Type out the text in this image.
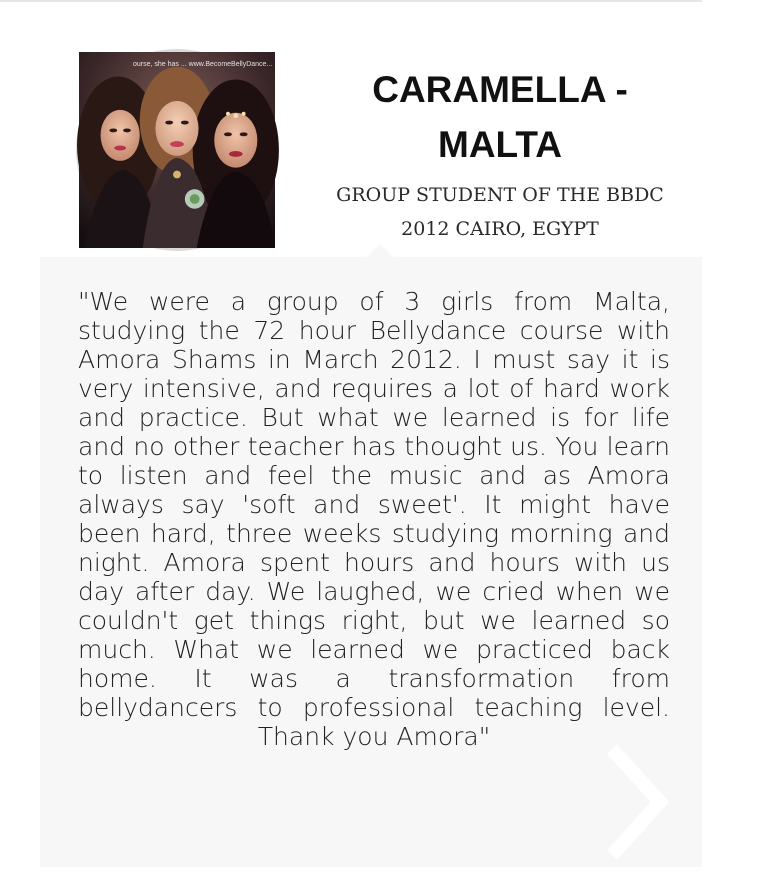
ourse, she has ... www.BecomeBellyDance...
CARAMELLA -
MALTA
GROUP STUDENT OF THE BBDC
2012 CAIRO, EGYPT

"We were a group of 3 girls from Malta, studying the 72 hour Bellydance course with Amora Shams in March 2012. I must say it is very intensive, and requires a lot of hard work and practice. But what we learned is for life and no other teacher has thought us. You learn to listen and feel the music and as Amora always say 'soft and sweet'. It might have been hard, three weeks studying morning and night. Amora spent hours and hours with us day after day. We laughed, we cried when we couldn't get things right, but we learned so much. What we learned we practiced back home. It was a transformation from bellydancers to professional teaching level. Thank you Amora"
